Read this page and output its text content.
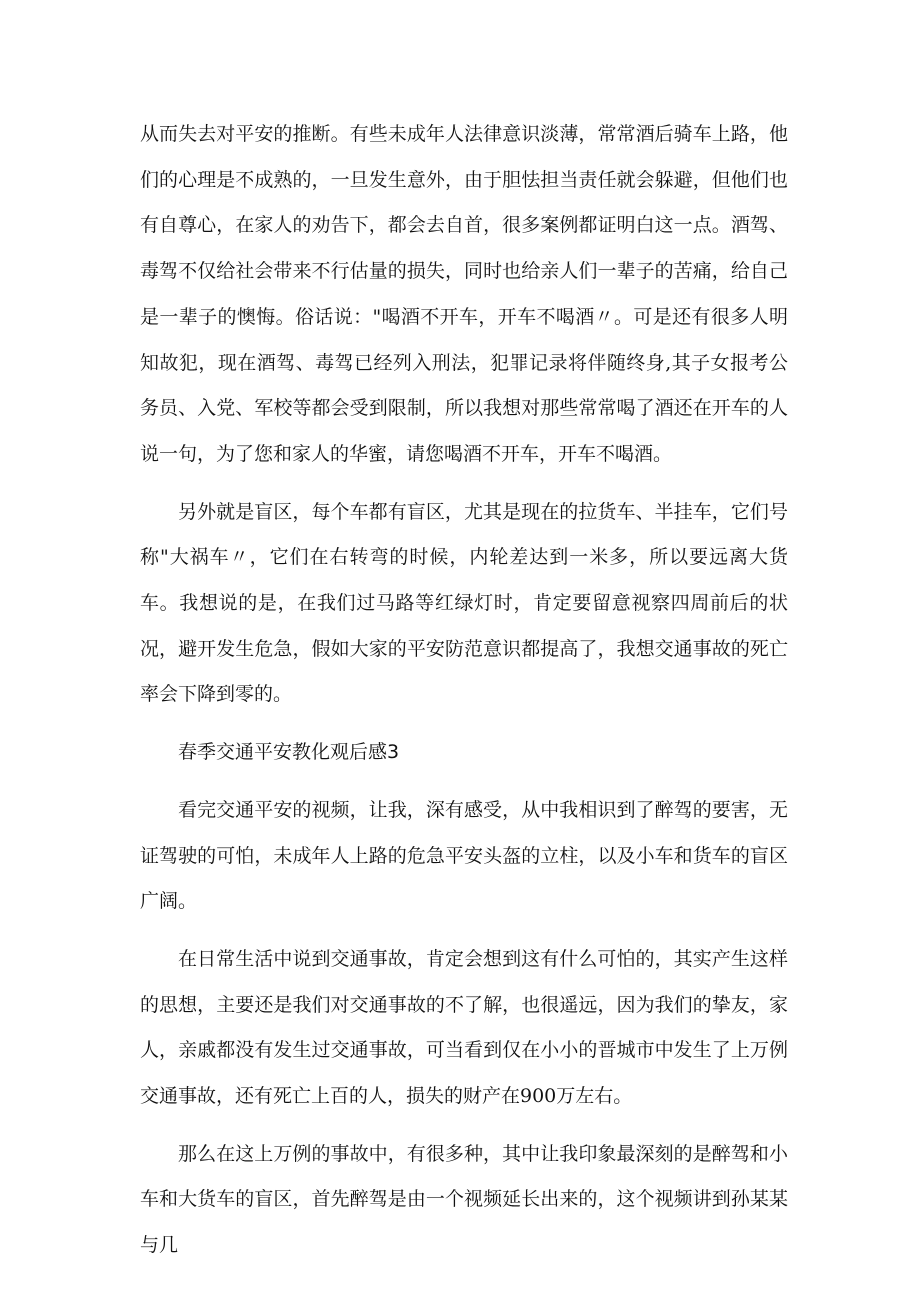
从而失去对平安的推断。有些未成年人法律意识淡薄，常常酒后骑车上路，他们的心理是不成熟的，一旦发生意外，由于胆怯担当责任就会躲避，但他们也有自尊心，在家人的劝告下，都会去自首，很多案例都证明白这一点。酒驾、毒驾不仅给社会带来不行估量的损失，同时也给亲人们一辈子的苦痛，给自己是一辈子的懊悔。俗话说："喝酒不开车，开车不喝酒〃。可是还有很多人明知故犯，现在酒驾、毒驾已经列入刑法，犯罪记录将伴随终身,其子女报考公务员、入党、军校等都会受到限制，所以我想对那些常常喝了酒还在开车的人说一句，为了您和家人的华蜜，请您喝酒不开车，开车不喝酒。

另外就是盲区，每个车都有盲区，尤其是现在的拉货车、半挂车，它们号称"大祸车〃，它们在右转弯的时候，内轮差达到一米多，所以要远离大货车。我想说的是，在我们过马路等红绿灯时，肯定要留意视察四周前后的状况，避开发生危急，假如大家的平安防范意识都提高了，我想交通事故的死亡率会下降到零的。

春季交通平安教化观后感3

看完交通平安的视频，让我，深有感受，从中我相识到了醉驾的要害，无证驾驶的可怕，未成年人上路的危急平安头盔的立柱，以及小车和货车的盲区广阔。

在日常生活中说到交通事故，肯定会想到这有什么可怕的，其实产生这样的思想，主要还是我们对交通事故的不了解，也很遥远，因为我们的挚友，家人，亲戚都没有发生过交通事故，可当看到仅在小小的晋城市中发生了上万例交通事故，还有死亡上百的人，损失的财产在900万左右。

那么在这上万例的事故中，有很多种，其中让我印象最深刻的是醉驾和小车和大货车的盲区，首先醉驾是由一个视频延长出来的，这个视频讲到孙某某与几
